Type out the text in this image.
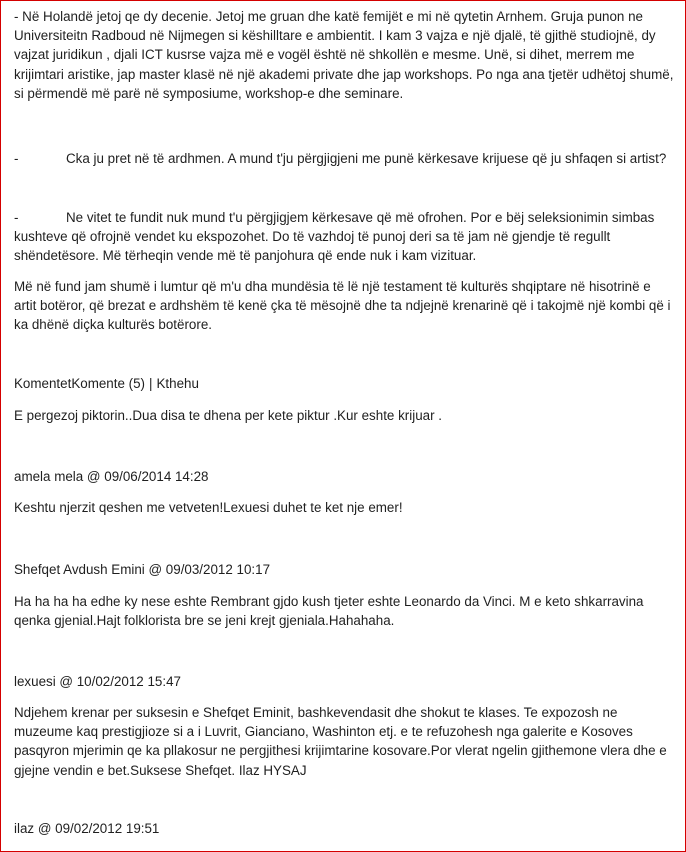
- Në Holandë jetoj qe dy decenie. Jetoj me gruan dhe katë femijët e mi në qytetin Arnhem. Gruja punon ne Universiteitn Radboud në Nijmegen si këshilltare e ambientit. I kam 3 vajza e një djalë, të gjithë studiojnë, dy vajzat juridikun , djali ICT kusrse vajza më e vogël është në shkollën e mesme. Unë, si dihet, merrem me krijimtari aristike, jap master klasë në një akademi private dhe jap workshops. Po nga ana tjetër udhëtoj shumë, si përmendë më parë në symposiume, workshop-e dhe seminare.

-	Cka ju pret në të ardhmen. A mund t'ju përgjigjeni me punë kërkesave krijuese që ju shfaqen si artist?
-	Ne vitet te fundit nuk mund t'u përgjigjem kërkesave që më ofrohen. Por e bëj seleksionimin simbas kushteve që ofrojnë vendet ku ekspozohet. Do të vazhdoj të punoj deri sa të jam në gjendje të regullt shëndetësore. Më tërheqin vende më të panjohura që ende nuk i kam vizituar.

Më në fund jam shumë i lumtur që m'u dha mundësia të lë një testament të kulturës shqiptare në hisotrinë e artit botëror, që brezat e ardhshëm të kenë çka të mësojnë dhe ta ndjejnë krenarinë që i takojmë një kombi që i ka dhënë diçka kulturës botërore.

KomentetKomente (5) | Kthehu

E pergezoj piktorin..Dua disa te dhena per kete piktur .Kur eshte krijuar .

amela mela @ 09/06/2014 14:28

Keshtu njerzit qeshen me vetveten!Lexuesi duhet te ket nje emer!

Shefqet Avdush Emini @ 09/03/2012 10:17

Ha ha ha ha edhe ky nese eshte Rembrant gjdo kush tjeter eshte Leonardo da Vinci. M e keto shkarravina qenka gjenial.Hajt folklorista bre se jeni krejt gjeniala.Hahahaha.

lexuesi @ 10/02/2012 15:47

Ndjehem krenar per suksesin e Shefqet Eminit, bashkevendasit dhe shokut te klases. Te expozosh ne muzeume kaq prestigjioze si a i Luvrit, Gianciano, Washinton etj. e te refuzohesh nga galerite e Kosoves pasqyron mjerimin qe ka pllakosur ne pergjithesi krijimtarine kosovare.Por vlerat ngelin gjithemone vlera dhe e gjejne vendin e bet.Suksese Shefqet. Ilaz HYSAJ

ilaz @ 09/02/2012 19:51
